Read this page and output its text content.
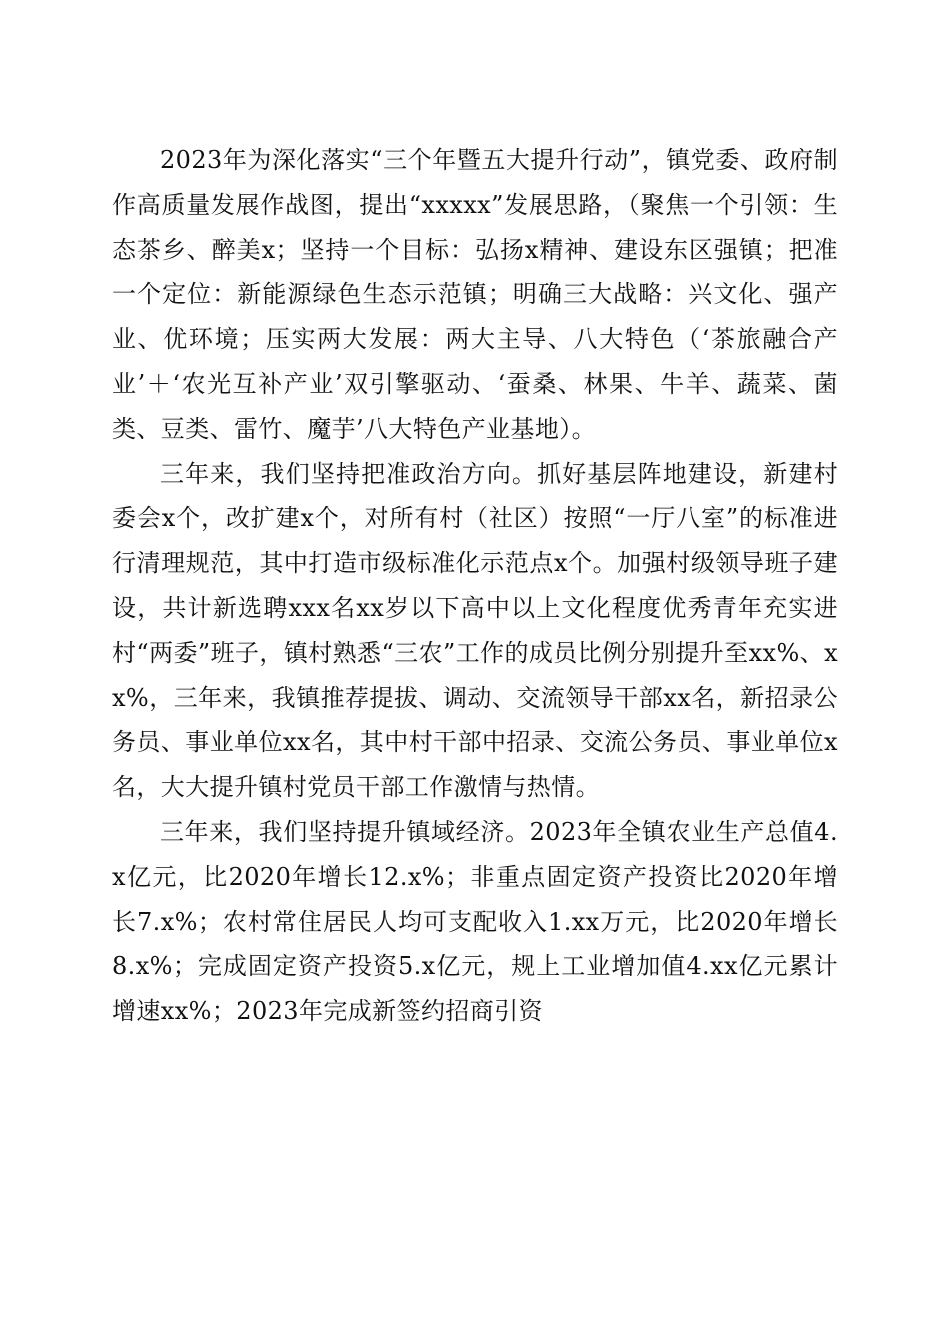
2023年为深化落实“三个年暨五大提升行动”，镇党委、政府制作高质量发展作战图，提出“xxxxx”发展思路，（聚焦一个引领：生态茶乡、醉美x；坚持一个目标：弘扬x精神、建设东区强镇；把准一个定位：新能源绿色生态示范镇；明确三大战略：兴文化、强产业、优环境；压实两大发展：两大主导、八大特色（‘茶旅融合产业’＋‘农光互补产业’双引擎驱动、‘蚕桑、林果、牛羊、蔬菜、菌类、豆类、雷竹、魔芋’八大特色产业基地）。

三年来，我们坚持把准政治方向。抓好基层阵地建设，新建村委会x个，改扩建x个，对所有村（社区）按照“一厅八室”的标准进行清理规范，其中打造市级标准化示范点x个。加强村级领导班子建设，共计新选聘xxx名xx岁以下高中以上文化程度优秀青年充实进村“两委”班子，镇村熟悉“三农”工作的成员比例分别提升至xx%、xx%，三年来，我镇推荐提拔、调动、交流领导干部xx名，新招录公务员、事业单位xx名，其中村干部中招录、交流公务员、事业单位x名，大大提升镇村党员干部工作激情与热情。

三年来，我们坚持提升镇域经济。2023年全镇农业生产总值4.x亿元，比2020年增长12.x%；非重点固定资产投资比2020年增长7.x%；农村常住居民人均可支配收入1.xx万元，比2020年增长8.x%；完成固定资产投资5.x亿元，规上工业增加值4.xx亿元累计增速xx%；2023年完成新签约招商引资
